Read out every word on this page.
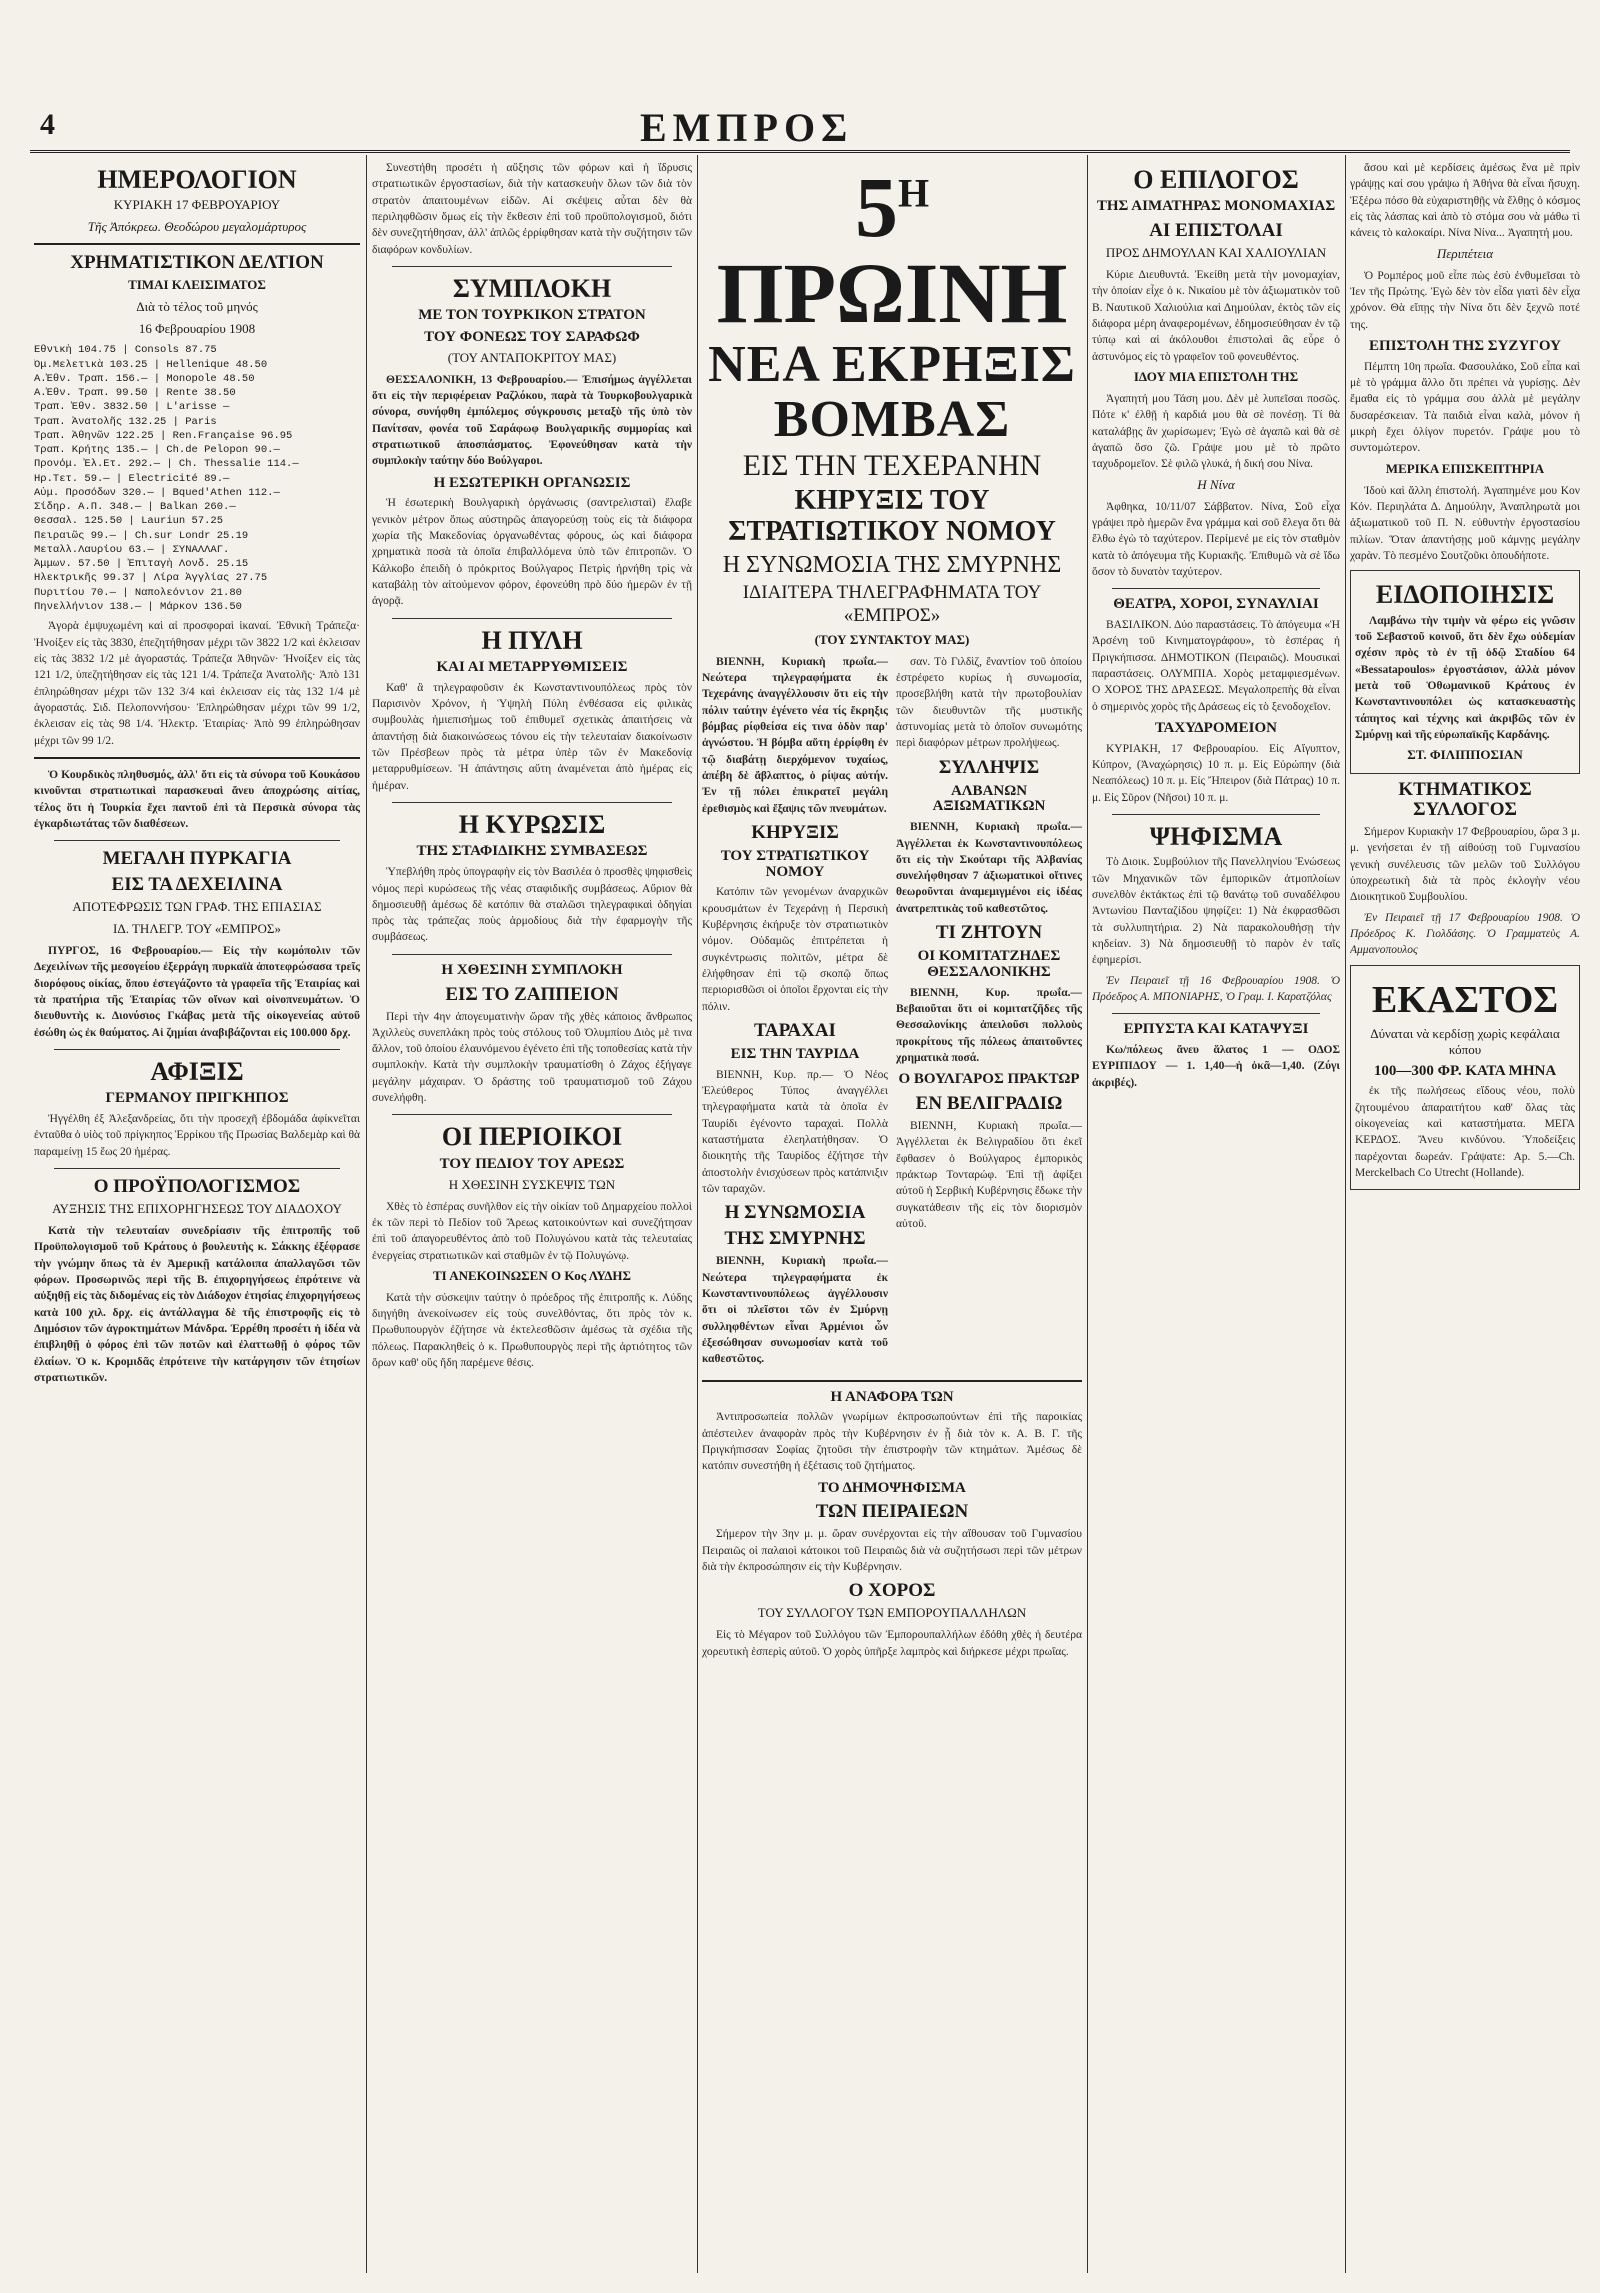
4	ΕΜΠΡΟΣ
ΗΜΕΡΟΛΟΓΙΟΝ
ΚΥΡΙΑΚΗ 17 ΦΕΒΡΟΥΑΡΙΟΥ
Τῆς Ἀπόκρεω. Θεοδώρου μεγαλομάρτυρος
ΧΡΗΜΑΤΙΣΤΙΚΟΝ ΔΕΛΤΙΟΝ
ΤΙΜΑΙ ΚΛΕΙΣΙΜΑΤΟΣ
Διὰ τὸ τέλος τοῦ μηνός
16 Φεβρουαρίου 1908
Ἐθνικὴ 104.75 | Consols 87.75
Ὁμ.Μελετικὰ 103.25 | Hellenique 48.50
Α.Ἐθν. Τραπ. 156.— | Monopole 48.50
Α.Ἐθν. Τραπ. 99.50 | Rente 38.50
Τραπ. Ἐθν. 3832.50 | L'arisse —
Τραπ. Ἀνατολῆς 132.25 | Paris
Τραπ. Ἀθηνῶν 122.25 | Ren.Française 96.95
Τραπ. Κρήτης 135.— | Ch.de Pelopon 90.—
Προνόμ. Ἐλ.Ετ. 292.— | Ch. Thessalie 114.—
Ἡρ.Τετ. 59.— | Electricité 89.—
Αὐμ. Προσόδων 320.— | Bqued'Athen 112.—
Σίδηρ. Α.Π. 348.— | Balkan 260.—
Θεσσαλ. 125.50 | Lauriun 57.25
Πειραιῶς 99.— | Ch.sur Londr 25.19
Μεταλλ.Λαυρίου 63.— | ΣΥΝΑΛΛΑΓ.
Ἀμμων. 57.50 | Ἐπιταγὴ Λονδ. 25.15
Ἠλεκτρικῆς 99.37 | Λίρα Ἀγγλίας 27.75
Πυριτίου 70.— | Ναπολεόνιον 21.80
Πηνελλήνιον 138.— | Μάρκον 136.50

Ἀγορὰ ἐμψυχωμένη καὶ αἱ προσφοραὶ ἱκαναί. Ἐθνικὴ Τράπεζα· Ἠνοίξεν εἰς τὰς 3830, ἐπεζητήθησαν μέχρι τῶν 3822 1/2 καὶ ἐκλεισαν εἰς τὰς 3832 1/2 μὲ ἀγοραστάς. Τράπεζα Ἀθηνῶν· Ἠνοίξεν εἰς τὰς 121 1/2, ὑπεζητήθησαν εἰς τὰς 121 1/4. Τράπεζα Ἀνατολῆς· Ἀπὸ 131 ἐπληρώθησαν μέχρι τῶν 132 3/4 καὶ ἐκλεισαν εἰς τὰς 132 1/4 μὲ ἀγοραστάς. Σιδ. Πελοποννήσου· Ἐπληρώθησαν μέχρι τῶν 99 1/2, ἐκλεισαν εἰς τὰς 98 1/4. Ἠλεκτρ. Ἑταιρίας· Ἀπὸ 99 ἐπληρώθησαν μέχρι τῶν 99 1/2.

Ὁ Κουρδικὸς πληθυσμός, ἀλλ' ὅτι εἰς τὰ σύνορα τοῦ Κουκάσου κινοῦνται στρατιωτικαὶ παρασκευαὶ ἄνευ ἀποχρώσης αἰτίας, τέλος ὅτι ἡ Τουρκία ἔχει παντοῦ ἐπὶ τὰ Περσικὰ σύνορα τὰς ἐγκαρδιωτάτας τῶν διαθέσεων.

ΜΕΓΑΛΗ ΠΥΡΚΑΓΙΑ
ΕΙΣ ΤΑ ΔΕΧΕΙΛΙΝΑ
ΑΠΟΤΕΦΡΩΣΙΣ ΤΩΝ ΓΡΑΦ. ΤΗΣ ΕΠΙΑΣΙΑΣ
ΙΔ. ΤΗΛΕΓΡ. ΤΟΥ «ΕΜΠΡΟΣ»

ΠΥΡΓΟΣ, 16 Φεβρουαρίου.— Εἰς τὴν κωμόπολιν τῶν Δεχειλίνων τῆς μεσογείου ἐξερράγη πυρκαϊὰ ἀποτεφρώσασα τρεῖς διορόφους οἰκίας, ὅπου ἐστεγάζοντο τὰ γραφεῖα τῆς Ἑταιρίας καὶ τὰ πρατήρια τῆς Ἑταιρίας τῶν οἴνων καὶ οἰνοπνευμάτων. Ὁ διευθυντὴς κ. Διονύσιος Γκάβας μετὰ τῆς οἰκογενείας αὐτοῦ ἐσώθη ὡς ἐκ θαύματος. Αἱ ζημίαι ἀναβιβάζονται εἰς 100.000 δρχ.

ΑΦΙΞΙΣ
ΓΕΡΜΑΝΟΥ ΠΡΙΓΚΗΠΟΣ

Ἠγγέλθη ἐξ Ἀλεξανδρείας, ὅτι τὴν προσεχῆ ἐβδομάδα ἀφίκνεῖται ἐνταῦθα ὁ υἱὸς τοῦ πρίγκηπος Ἐρρίκου τῆς Πρωσίας Βαλδεμὰρ καὶ θὰ παραμείνῃ 15 ἕως 20 ἡμέρας.

Ο ΠΡΟΫΠΟΛΟΓΙΣΜΟΣ
ΑΥΞΗΣΙΣ ΤΗΣ ΕΠΙΧΟΡΗΓΗΣΕΩΣ ΤΟΥ ΔΙΑΔΟΧΟΥ

Κατὰ τὴν τελευταίαν συνεδρίασιν τῆς ἐπιτροπῆς τοῦ Προϋπολογισμοῦ τοῦ Κράτους ὁ βουλευτὴς κ. Σάκκης ἐξέφρασε τὴν γνώμην ὅπως τὰ ἐν Ἀμερικῇ κατάλοιπα ἀπαλλαγῶσι τῶν φόρων. Προσωρινῶς περὶ τῆς Β. ἐπιχορηγήσεως ἐπρότεινε νὰ αὐξηθῇ εἰς τὰς διδομένας εἰς τὸν Διάδοχον ἐτησίας ἐπιχορηγήσεως κατὰ 100 χιλ. δρχ. εἰς ἀντάλλαγμα δὲ τῆς ἐπιστροφῆς εἰς τὸ Δημόσιον τῶν ἀγροκτημάτων Μάνδρα. Ἐρρέθη προσέτι ἡ ἰδέα νὰ ἐπιβληθῇ ὁ φόρος ἐπὶ τῶν ποτῶν καὶ ἐλαττωθῇ ὁ φόρος τῶν ἐλαίων. Ὁ κ. Κρομιδᾶς ἐπρότεινε τὴν κατάργησιν τῶν ἐτησίων στρατιωτικῶν.

Συνεστήθη προσέτι ἡ αὔξησις τῶν φόρων καὶ ἡ ἵδρυσις στρατιωτικῶν ἐργοστασίων, διὰ τὴν κατασκευὴν ὅλων τῶν διὰ τὸν στρατὸν ἀπαιτουμένων εἰδῶν. Αἱ σκέψεις αὗται δὲν θὰ περιληφθῶσιν ὅμως εἰς τὴν ἔκθεσιν ἐπὶ τοῦ προϋπολογισμοῦ, διότι δὲν συνεζητήθησαν, ἀλλ' ἁπλῶς ἐρρίφθησαν κατὰ τὴν συζήτησιν τῶν διαφόρων κονδυλίων.

ΣΥΜΠΛΟΚΗ
ΜΕ ΤΟΝ ΤΟΥΡΚΙΚΟΝ ΣΤΡΑΤΟΝ
ΤΟΥ ΦΟΝΕΩΣ ΤΟΥ ΣΑΡΑΦΩΦ
(ΤΟΥ ΑΝΤΑΠΟΚΡΙΤΟΥ ΜΑΣ)

ΘΕΣΣΑΛΟΝΙΚΗ, 13 Φεβρουαρίου.— Ἐπισήμως ἀγγέλλεται ὅτι εἰς τὴν περιφέρειαν Ραζλόκου, παρὰ τὰ Τουρκοβουλγαρικὰ σύνορα, συνήφθη ἐμπόλεμος σύγκρουσις μεταξὺ τῆς ὑπὸ τὸν Πανίτσαν, φονέα τοῦ Σαράφωφ Βουλγαρικῆς συμμορίας καὶ στρατιωτικοῦ ἀποσπάσματος. Ἐφονεύθησαν κατὰ τὴν συμπλοκὴν ταύτην δύο Βούλγαροι.

Η ΕΣΩΤΕΡΙΚΗ ΟΡΓΑΝΩΣΙΣ

Ἡ ἐσωτερικὴ Βουλγαρικὴ ὀργάνωσις (σαντρελισταὶ) ἔλαβε γενικὸν μέτρον ὅπως αὐστηρῶς ἀπαγορεύσῃ τοὺς εἰς τὰ διάφορα χωρία τῆς Μακεδονίας ὀργανωθέντας φόρους, ὡς καὶ διάφορα χρηματικὰ ποσὰ τὰ ὁποῖα ἐπιβαλλόμενα ὑπὸ τῶν ἐπιτροπῶν. Ὁ Κάλκοβο ἐπειδὴ ὁ πρόκριτος Βούλγαρος Πετρὶς ἠρνήθη τρὶς νὰ καταβάλῃ τὸν αἰτούμενον φόρον, ἐφονεύθη πρὸ δύο ἡμερῶν ἐν τῇ ἀγορᾷ.

Η ΠΥΛΗ
ΚΑΙ ΑΙ ΜΕΤΑΡΡΥΘΜΙΣΕΙΣ

Καθ' ἃ τηλεγραφοῦσιν ἐκ Κωνσταντινουπόλεως πρὸς τὸν Παρισινὸν Χρόνον, ἡ Ὑψηλὴ Πύλη ἐνθέσασα εἰς φιλικὰς συμβουλὰς ἡμιεπισήμως τοῦ ἐπιθυμεῖ σχετικὰς ἀπαιτήσεις νὰ ἀπαντήσῃ διὰ διακοινώσεως τόνου εἰς τὴν τελευταίαν διακοίνωσιν τῶν Πρέσβεων πρὸς τὰ μέτρα ὑπὲρ τῶν ἐν Μακεδονίᾳ μεταρρυθμίσεων. Ἡ ἀπάντησις αὕτη ἀναμένεται ἀπὸ ἡμέρας εἰς ἡμέραν.

Η ΚΥΡΩΣΙΣ
ΤΗΣ ΣΤΑΦΙΔΙΚΗΣ ΣΥΜΒΑΣΕΩΣ

Ὑπεβλήθη πρὸς ὑπογραφὴν εἰς τὸν Βασιλέα ὁ προσθὲς ψηφισθεὶς νόμος περὶ κυρώσεως τῆς νέας σταφιδικῆς συμβάσεως. Αὔριον θὰ δημοσιευθῇ ἀμέσως δὲ κατόπιν θὰ σταλῶσι τηλεγραφικαὶ ὁδηγίαι πρὸς τὰς τράπεζας ποὺς ἁρμοδίους διὰ τὴν ἐφαρμογὴν τῆς συμβάσεως.

Η ΧΘΕΣΙΝΗ ΣΥΜΠΛΟΚΗ
ΕΙΣ ΤΟ ΖΑΠΠΕΙΟΝ

Περὶ τὴν 4ην ἀπογευματινὴν ὥραν τῆς χθὲς κάποιος ἄνθρωπος Ἀχιλλεὺς συνεπλάκη πρὸς τοὺς στόλους τοῦ Ὀλυμπίου Διὸς μὲ τινα ἄλλον, τοῦ ὁποίου ἐλαυνόμενου ἐγένετο ἐπὶ τῆς τοποθεσίας κατὰ τὴν συμπλοκὴν. Κατὰ τὴν συμπλοκὴν τραυματίσθη ὁ Ζάχος ἐξήγαγε μεγάλην μάχαιραν. Ὁ δράστης τοῦ τραυματισμοῦ τοῦ Ζάχου συνελήφθη.

ΟΙ ΠΕΡΙΟΙΚΟΙ
ΤΟΥ ΠΕΔΙΟΥ ΤΟΥ ΑΡΕΩΣ
Η ΧΘΕΣΙΝΗ ΣΥΣΚΕΨΙΣ ΤΩΝ

Χθὲς τὸ ἑσπέρας συνῆλθον εἰς τὴν οἰκίαν τοῦ Δημαρχείου πολλοὶ ἐκ τῶν περὶ τὸ Πεδίον τοῦ Ἄρεως κατοικούντων καὶ συνεζήτησαν ἐπὶ τοῦ ἀπαγορευθέντος ἀπὸ τοῦ Πολυγώνου κατὰ τὰς τελευταίας ἐνεργείας στρατιωτικῶν καὶ σταθμῶν ἐν τῷ Πολυγώνῳ.

ΤΙ ΑΝΕΚΟΙΝΩΣΕΝ Ο Κος ΛΥΔΗΣ

Κατὰ τὴν σύσκεψιν ταύτην ὁ πρόεδρος τῆς ἐπιτροπῆς κ. Λύδης διηγήθη ἀνεκοίνωσεν εἰς τοὺς συνελθόντας, ὅτι πρὸς τὸν κ. Πρωθυπουργὸν ἐζήτησε νὰ ἐκτελεσθῶσιν ἀμέσως τὰ σχέδια τῆς πόλεως. Παρακληθεὶς ὁ κ. Πρωθυπουργὸς περὶ τῆς ἀρτιότητος τῶν ὅρων καθ' οὓς ἤδη παρέμενε θέσις.

$5^H$ ΠΡΩΙΝΗ
ΝΕΑ ΕΚΡΗΞΙΣ ΒΟΜΒΑΣ
ΕΙΣ ΤΗΝ ΤΕΧΕΡΑΝΗΝ
ΚΗΡΥΞΙΣ ΤΟΥ ΣΤΡΑΤΙΩΤΙΚΟΥ ΝΟΜΟΥ
Η ΣΥΝΩΜΟΣΙΑ ΤΗΣ ΣΜΥΡΝΗΣ
ΙΔΙΑΙΤΕΡΑ ΤΗΛΕΓΡΑΦΗΜΑΤΑ ΤΟΥ «ΕΜΠΡΟΣ»
(ΤΟΥ ΣΥΝΤΑΚΤΟΥ ΜΑΣ)

ΒΙΕΝΝΗ, Κυριακὴ πρωΐα.— Νεώτερα τηλεγραφήματα ἐκ Τεχεράνης ἀναγγέλλουσιν ὅτι εἰς τὴν πόλιν ταύτην ἐγένετο νέα τίς ἔκρηξις βόμβας ρίφθείσα εἰς τινα ὁδὸν παρ' ἀγνώστου. Ἡ βόμβα αὕτη ἐρρίφθη ἐν τῷ διαβάτῃ διερχόμενον τυχαίως, ἀπέβη δὲ ἄβλαπτος, ὁ ρίψας αὐτήν. Ἐν τῇ πόλει ἐπικρατεῖ μεγάλη ἐρεθισμὸς καὶ ἔξαψις τῶν πνευμάτων.

ΚΗΡΥΞΙΣ
ΤΟΥ ΣΤΡΑΤΙΩΤΙΚΟΥ ΝΟΜΟΥ

Κατόπιν τῶν γενομένων ἀναρχικῶν κρουσμάτων ἐν Τεχεράνῃ ἡ Περσικὴ Κυβέρνησις ἐκήρυξε τὸν στρατιωτικὸν νόμον. Οὐδαμῶς ἐπιτρέπεται ἡ συγκέντρωσις πολιτῶν, μέτρα δὲ ἐλήφθησαν ἐπὶ τῷ σκοπῷ ὅπως περιορισθῶσι οἱ ὁποῖοι ἔρχονται εἰς τὴν πόλιν.

ΤΑΡΑΧΑΙ
ΕΙΣ ΤΗΝ ΤΑΥΡΙΔΑ

ΒΙΕΝΝΗ, Κυρ. πρ.— Ὁ Νέος Ἐλεύθερος Τύπος ἀναγγέλλει τηλεγραφήματα κατὰ τὰ ὁποῖα ἐν Ταυρίδι ἐγένοντο ταραχαὶ. Πολλὰ καταστήματα ἐλεηλατήθησαν. Ὁ διοικητὴς τῆς Ταυρίδος ἐζήτησε τὴν ἀποστολὴν ἐνισχύσεων πρὸς κατάπνιξιν τῶν ταραχῶν.

Η ΣΥΝΩΜΟΣΙΑ
ΤΗΣ ΣΜΥΡΝΗΣ

ΒΙΕΝΝΗ, Κυριακὴ πρωΐα.— Νεώτερα τηλεγραφήματα ἐκ Κωνσταντινουπόλεως ἀγγέλλουσιν ὅτι οἱ πλεῖστοι τῶν ἐν Σμύρνῃ συλληφθέντων εἶναι Ἀρμένιοι ὧν ἐξεσώθησαν συνωμοσίαν κατὰ τοῦ καθεστῶτος.

σαν. Τὸ Γιλδὶζ, ἔναντίον τοῦ ὁποίου ἐστρέφετο κυρίως ἡ συνωμοσία, προσεβλήθη κατὰ τὴν πρωτοβουλίαν τῶν διευθυντῶν τῆς μυστικῆς ἀστυνομίας μετὰ τὸ ὁποῖον συνωμότης περὶ διαφόρων μέτρων προλήψεως.

ΣΥΛΛΗΨΙΣ
ΑΛΒΑΝΩΝ ΑΞΙΩΜΑΤΙΚΩΝ

ΒΙΕΝΝΗ, Κυριακὴ πρωΐα.— Ἀγγέλλεται ἐκ Κωνσταντινουπόλεως ὅτι εἰς τὴν Σκούταρι τῆς Ἀλβανίας συνελήφθησαν 7 ἀξιωματικοὶ οἵτινες θεωροῦνται ἀναμεμιγμένοι εἰς ἰδέας ἀνατρεπτικὰς τοῦ καθεστῶτος.

ΤΙ ΖΗΤΟΥΝ
ΟΙ ΚΟΜΙΤΑΤΖΗΔΕΣ ΘΕΣΣΑΛΟΝΙΚΗΣ

ΒΙΕΝΝΗ, Κυρ. πρωΐα.— Βεβαιοῦται ὅτι οἱ κομιτατζῆδες τῆς Θεσσαλονίκης ἀπειλοῦσι πολλοὺς προκρίτους τῆς πόλεως ἀπαιτοῦντες χρηματικὰ ποσά.

Ο ΒΟΥΛΓΑΡΟΣ ΠΡΑΚΤΩΡ
ΕΝ ΒΕΛΙΓΡΑΔΙΩ

ΒΙΕΝΝΗ, Κυριακὴ πρωΐα.— Ἀγγέλλεται ἐκ Βελιγραδίου ὅτι ἐκεῖ ἔφθασεν ὁ Βούλγαρος ἐμπορικὸς πράκτωρ Τονταρώφ. Ἐπὶ τῇ ἀφίξει αὐτοῦ ἡ Σερβικὴ Κυβέρνησις ἔδωκε τὴν συγκατάθεσιν τῆς εἰς τὸν διορισμὸν αὐτοῦ.

Η ΑΝΑΦΟΡΑ ΤΩΝ

Ἀντιπροσωπεία πολλῶν γνωρίμων ἐκπροσωπούντων ἐπὶ τῆς παροικίας ἀπέστειλεν ἀναφορὰν πρὸς τὴν Κυβέρνησιν ἐν ᾗ διὰ τὸν κ. Α. Β. Γ. τῆς Πριγκήπισσαν Σοφίας ζητοῦσι τὴν ἐπιστροφὴν τῶν κτημάτων. Ἀμέσως δὲ κατόπιν συνεστήθη ἡ ἐξέτασις τοῦ ζητήματος.

ΤΟ ΔΗΜΟΨΗΦΙΣΜΑ
ΤΩΝ ΠΕΙΡΑΙΕΩΝ

Σήμερον τὴν 3ην μ. μ. ὥραν συνέρχονται εἰς τὴν αἴθουσαν τοῦ Γυμνασίου Πειραιῶς οἱ παλαιοὶ κάτοικοι τοῦ Πειραιῶς διὰ νὰ συζητήσωσι περὶ τῶν μέτρων διὰ τὴν ἐκπροσώπησιν εἰς τὴν Κυβέρνησιν.

Ο ΧΟΡΟΣ
ΤΟΥ ΣΥΛΛΟΓΟΥ ΤΩΝ ΕΜΠΟΡΟΥΠΑΛΛΗΛΩΝ

Εἰς τὸ Μέγαρον τοῦ Συλλόγου τῶν Ἐμπορουπαλλήλων ἐδόθη χθὲς ἡ δευτέρα χορευτικὴ ἑσπερὶς αὐτοῦ. Ὁ χορὸς ὑπῆρξε λαμπρὸς καὶ διήρκεσε μέχρι πρωΐας.

Ο ΕΠΙΛΟΓΟΣ
ΤΗΣ ΑΙΜΑΤΗΡΑΣ ΜΟΝΟΜΑΧΙΑΣ
ΑΙ ΕΠΙΣΤΟΛΑΙ
ΠΡΟΣ ΔΗΜΟΥΛΑΝ ΚΑΙ ΧΑΛΙΟΥΛΙΑΝ

Κύριε Διευθυντά. Ἐκείθη μετὰ τὴν μονομαχίαν, τὴν ὁποίαν εἶχε ὁ κ. Νικαίου μὲ τὸν ἀξιωματικὸν τοῦ Β. Ναυτικοῦ Χαλιούλια καὶ Δημούλαν, ἐκτὸς τῶν εἰς διάφορα μέρη ἀναφερομένων, ἐδημοσιεύθησαν ἐν τῷ τύπῳ καὶ αἱ ἀκόλουθοι ἐπιστολαὶ ἃς εὗρε ὁ ἀστυνόμος εἰς τὸ γραφεῖον τοῦ φονευθέντος.

ΙΔΟΥ ΜΙΑ ΕΠΙΣΤΟΛΗ ΤΗΣ

Ἀγαπητή μου Τάση μου. Δὲν μὲ λυπεῖσαι ποσῶς. Πότε κ' ἐλθῇ ἡ καρδιά μου θὰ σὲ πονέσῃ. Τί θὰ καταλάβῃς ἂν χωρίσωμεν; Ἐγὼ σὲ ἀγαπῶ καὶ θὰ σὲ ἀγαπῶ ὅσο ζῶ. Γράψε μου μὲ τὸ πρῶτο ταχυδρομεῖον. Σὲ φιλῶ γλυκά, ἡ δική σου Νίνα.

Η Νίνα

Ἀφθηκα, 10/11/07 Σάββατον. Νίνα, Σοῦ εἶχα γράψει πρὸ ἡμερῶν ἕνα γράμμα καὶ σοῦ ἔλεγα ὅτι θὰ ἔλθω ἐγὼ τὸ ταχύτερον. Περίμενέ με εἰς τὸν σταθμὸν κατὰ τὸ ἀπόγευμα τῆς Κυριακῆς. Ἐπιθυμῶ νὰ σὲ ἴδω ὅσον τὸ δυνατὸν ταχύτερον.

ΘΕΑΤΡΑ, ΧΟΡΟΙ, ΣΥΝΑΥΛΙΑΙ

ΒΑΣΙΛΙΚΟΝ. Δύο παραστάσεις. Τὸ ἀπόγευμα «Ἡ Ἀρσένη τοῦ Κινηματογράφου», τὸ ἑσπέρας ἡ Πριγκήπισσα. ΔΗΜΟΤΙΚΟΝ (Πειραιῶς). Μουσικαὶ παραστάσεις. ΟΛΥΜΠΙΑ. Χορὸς μεταμφιεσμένων. Ο ΧΟΡΟΣ ΤΗΣ ΔΡΑΣΕΩΣ. Μεγαλοπρεπὴς θὰ εἶναι ὁ σημερινὸς χορὸς τῆς Δράσεως εἰς τὸ ξενοδοχεῖον.

ΤΑΧΥΔΡΟΜΕΙΟΝ

ΚΥΡΙΑΚΗ, 17 Φεβρουαρίου. Εἰς Αἴγυπτον, Κύπρον, (Ἀναχώρησις) 10 π. μ. Εἰς Εὐρώπην (διὰ Νεαπόλεως) 10 π. μ. Εἰς Ἤπειρον (διὰ Πάτρας) 10 π. μ. Εἰς Σῦρον (Νῆσοι) 10 π. μ.

ΨΗΦΙΣΜΑ

Τὸ Διοικ. Συμβούλιον τῆς Πανελληνίου Ἑνώσεως τῶν Μηχανικῶν τῶν ἐμπορικῶν ἀτμοπλοίων συνελθὸν ἐκτάκτως ἐπὶ τῷ θανάτῳ τοῦ συναδέλφου Ἀντωνίου Πανταζίδου ψηφίζει: 1) Νὰ ἐκφρασθῶσι τὰ συλλυπητήρια. 2) Νὰ παρακολουθήσῃ τὴν κηδείαν. 3) Νὰ δημοσιευθῇ τὸ παρὸν ἐν ταῖς ἐφημερίσι.

Ἐν Πειραιεῖ τῇ 16 Φεβρουαρίου 1908. Ὁ Πρόεδρος Α. ΜΠΟΝΙΑΡΗΣ, Ὁ Γραμ. Ι. Καρατζόλας

ΕΡΠΥΣΤΑ ΚΑΙ ΚΑΤΑΨΥΞΙ

Κω/πόλεως ἄνευ ἅλατος 1 — ΟΔΟΣ ΕΥΡΙΠΙΔΟΥ — 1. 1,40—ἡ ὀκᾶ—1,40. (Ζύγι ἀκριβές).

ἄσου καὶ μὲ κερδίσεις ἀμέσως ἕνα μὲ πρὶν γράψῃς καί σου γράψω ἡ Ἀθήνα θὰ εἶναι ἤσυχη. Ἐξέρω πόσο θὰ εὐχαριστηθῇς νὰ ἔλθῃς ὁ κόσμος εἰς τὰς λάσπας καὶ ἀπὸ τὸ στόμα σου νὰ μάθω τὶ κάνεις τὸ καλοκαίρι. Νίνα Νίνα... Ἀγαπητή μου.

Περιπέτεια

Ὁ Ρομπέρος μοῦ εἶπε πὼς ἐσὺ ἐνθυμεῖσαι τὸ Ἰεν τῆς Πρώτης. Ἐγὼ δὲν τὸν εἶδα γιατὶ δὲν εἶχα χρόνον. Θὰ εἴπῃς τὴν Νίνα ὅτι δὲν ξεχνῶ ποτέ της.

ΕΠΙΣΤΟΛΗ ΤΗΣ ΣΥΖΥΓΟΥ

Πέμπτη 10η πρωΐα. Φασουλάκο, Σοῦ εἶπα καὶ μὲ τὸ γράμμα ἄλλο ὅτι πρέπει νὰ γυρίσῃς. Δὲν ἔμαθα εἰς τὸ γράμμα σου ἀλλὰ μὲ μεγάλην δυσαρέσκειαν. Τὰ παιδιὰ εἶναι καλὰ, μόνον ἡ μικρὴ ἔχει ὀλίγον πυρετόν. Γράψε μου τὸ συντομώτερον.

ΜΕΡΙΚΑ ΕΠΙΣΚΕΠΤΗΡΙΑ

Ἰδοὺ καὶ ἄλλη ἐπιστολή. Ἀγαπημένε μου Κον Κόν. Περιηλάτα Δ. Δημούλην, Ἀναπληρωτὰ μοι ἀξιωματικοῦ τοῦ Π. Ν. εὐθυντὴν ἐργοστασίου πιλίων. Ὅταν ἀπαντήσῃς μοῦ κάμνῃς μεγάλην χαρὰν. Τὸ πεσμένο Σουτζοῦκι ὁπουδήποτε.

ΕΙΔΟΠΟΙΗΣΙΣ

Λαμβάνω τὴν τιμὴν νὰ φέρω εἰς γνῶσιν τοῦ Σεβαστοῦ κοινοῦ, ὅτι δὲν ἔχω οὐδεμίαν σχέσιν πρὸς τὸ ἐν τῇ ὁδῷ Σταδίου 64 «Bessatapoulos» ἐργοστάσιον, ἀλλὰ μόνον μετὰ τοῦ Ὁθωμανικοῦ Κράτους ἐν Κωνσταντινουπόλει ὡς κατασκευαστὴς τάπητος καὶ τέχνης καὶ ἀκριβῶς τῶν ἐν Σμύρνῃ καὶ τῆς εὐρωπαϊκῆς Καρδάνης.

ΣΤ. ΦΙΛΙΠΠΟΣΙΑΝ
ΚΤΗΜΑΤΙΚΟΣ ΣΥΛΛΟΓΟΣ

Σήμερον Κυριακὴν 17 Φεβρουαρίου, ὥρα 3 μ. μ. γενήσεται ἐν τῇ αἰθούσῃ τοῦ Γυμνασίου γενικὴ συνέλευσις τῶν μελῶν τοῦ Συλλόγου ὑποχρεωτικὴ διὰ τὰ πρὸς ἐκλογὴν νέου Διοικητικοῦ Συμβουλίου.

Ἐν Πειραιεῖ τῇ 17 Φεβρουαρίου 1908. Ὁ Πρόεδρος Κ. Γιολδάσης. Ὁ Γραμματεὺς Α. Αμμανοπουλος

ΕΚΑΣΤΟΣ
Δύναται νὰ κερδίσῃ χωρὶς κεφάλαια κόπου
100—300 ΦΡ. ΚΑΤΑ ΜΗΝΑ

ἐκ τῆς πωλήσεως εἴδους νέου, πολὺ ζητουμένου ἀπαραιτήτου καθ' ὅλας τὰς οἰκογενείας καὶ καταστήματα. ΜΕΓΑ ΚΕΡΔΟΣ. Ἄνευ κινδύνου. Ὑποδείξεις παρέχονται δωρεάν. Γράψατε: Ap. 5.—Ch. Merckelbach Co Utrecht (Hollande).
